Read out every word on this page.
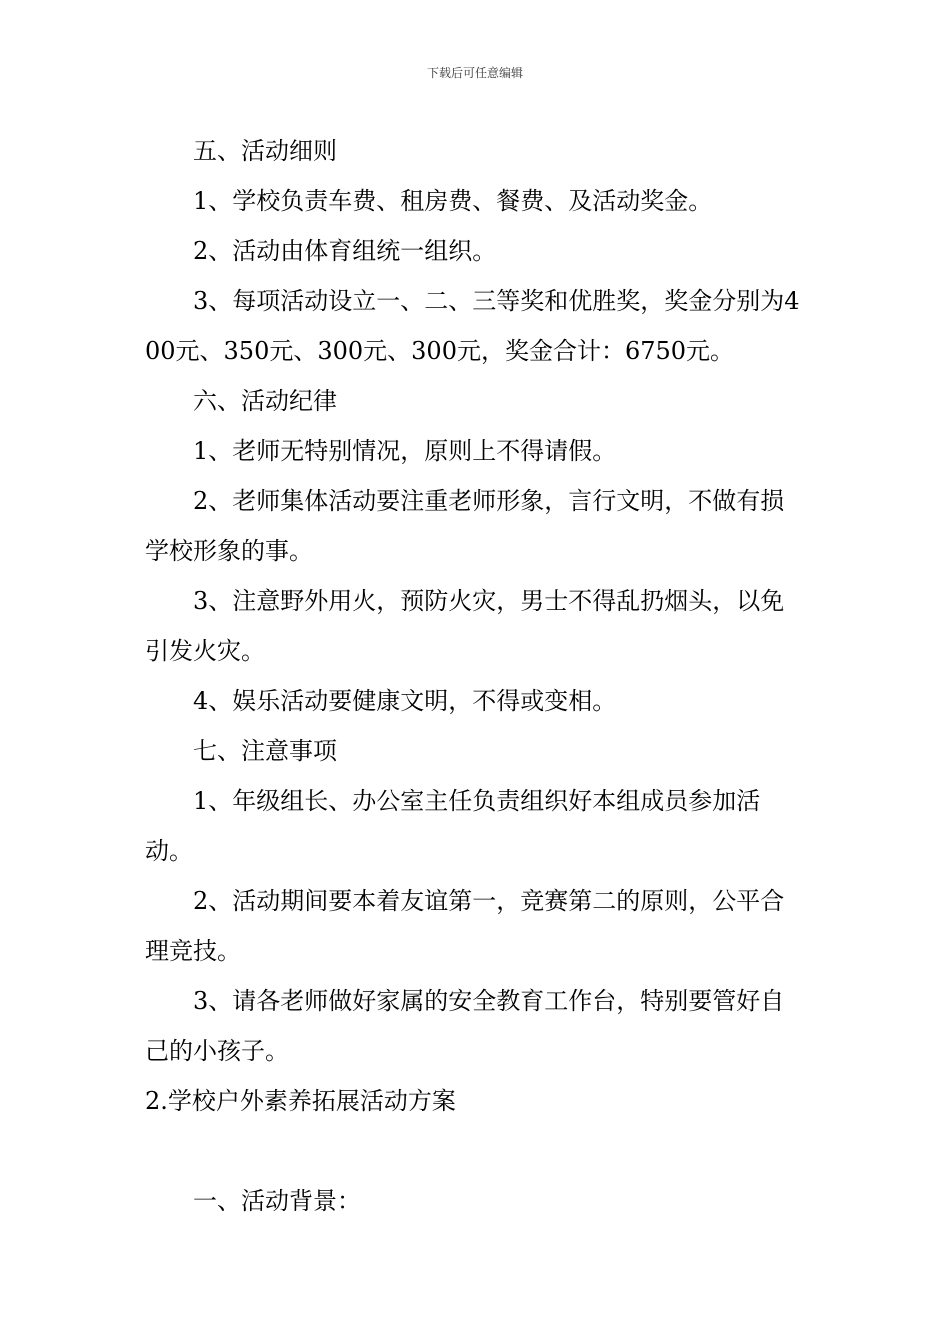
下载后可任意编辑

五、活动细则

1、学校负责车费、租房费、餐费、及活动奖金。

2、活动由体育组统一组织。

3、每项活动设立一、二、三等奖和优胜奖，奖金分别为400元、350元、300元、300元，奖金合计：6750元。

六、活动纪律

1、老师无特别情况，原则上不得请假。

2、老师集体活动要注重老师形象，言行文明，不做有损学校形象的事。

3、注意野外用火，预防火灾，男士不得乱扔烟头，以免引发火灾。

4、娱乐活动要健康文明，不得或变相。

七、注意事项

1、年级组长、办公室主任负责组织好本组成员参加活动。

2、活动期间要本着友谊第一，竞赛第二的原则，公平合理竞技。

3、请各老师做好家属的安全教育工作台，特别要管好自己的小孩子。

2.学校户外素养拓展活动方案

一、活动背景：
